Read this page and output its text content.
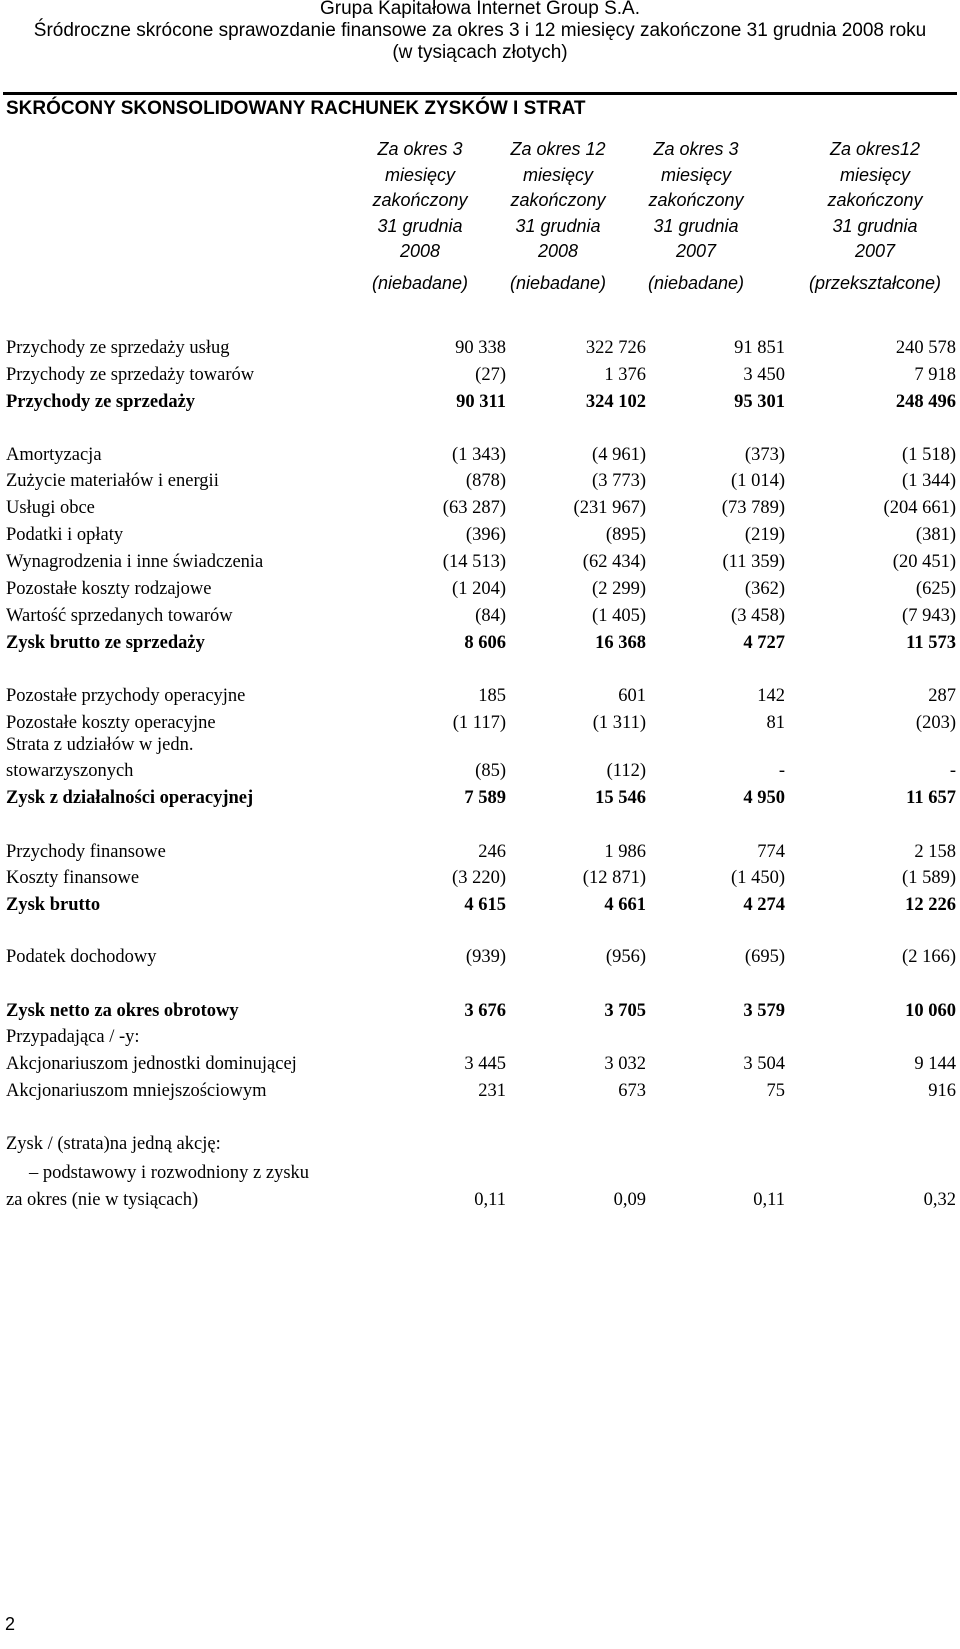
Grupa Kapitałowa Internet Group S.A.
Śródroczne skrócone sprawozdanie finansowe za okres 3 i 12 miesięcy zakończone 31 grudnia 2008 roku
(w tysiącach złotych)
SKRÓCONY SKONSOLIDOWANY RACHUNEK ZYSKÓW I STRAT
Za okres 3
miesięcy
zakończony
31 grudnia
2008
(niebadane)
Za okres 12
miesięcy
zakończony
31 grudnia
2008
(niebadane)
Za okres 3
miesięcy
zakończony
31 grudnia
2007
(niebadane)
Za okres12
miesięcy
zakończony
31 grudnia
2007
(przekształcone)
Przychody ze sprzedaży usług	90 338	322 726	91 851	240 578
Przychody ze sprzedaży towarów	(27)	1 376	3 450	7 918
Przychody ze sprzedaży	90 311	324 102	95 301	248 496
Amortyzacja	(1 343)	(4 961)	(373)	(1 518)
Zużycie materiałów i energii	(878)	(3 773)	(1 014)	(1 344)
Usługi obce	(63 287)	(231 967)	(73 789)	(204 661)
Podatki i opłaty	(396)	(895)	(219)	(381)
Wynagrodzenia i inne świadczenia	(14 513)	(62 434)	(11 359)	(20 451)
Pozostałe koszty rodzajowe	(1 204)	(2 299)	(362)	(625)
Wartość sprzedanych towarów	(84)	(1 405)	(3 458)	(7 943)
Zysk brutto ze sprzedaży	8 606	16 368	4 727	11 573
Pozostałe przychody operacyjne	185	601	142	287
Pozostałe koszty operacyjne	(1 117)	(1 311)	81	(203)
Strata z udziałów w jedn.
stowarzyszonych	(85)	(112)	-	-
Zysk z działalności operacyjnej	7 589	15 546	4 950	11 657
Przychody finansowe	246	1 986	774	2 158
Koszty finansowe	(3 220)	(12 871)	(1 450)	(1 589)
Zysk brutto	4 615	4 661	4 274	12 226
Podatek dochodowy	(939)	(956)	(695)	(2 166)
Zysk netto za okres obrotowy	3 676	3 705	3 579	10 060
Przypadająca / -y:
Akcjonariuszom jednostki dominującej	3 445	3 032	3 504	9 144
Akcjonariuszom mniejszościowym	231	673	75	916
Zysk / (strata)na jedną akcję:
– podstawowy i rozwodniony z zysku
za okres (nie w tysiącach)	0,11	0,09	0,11	0,32
2
